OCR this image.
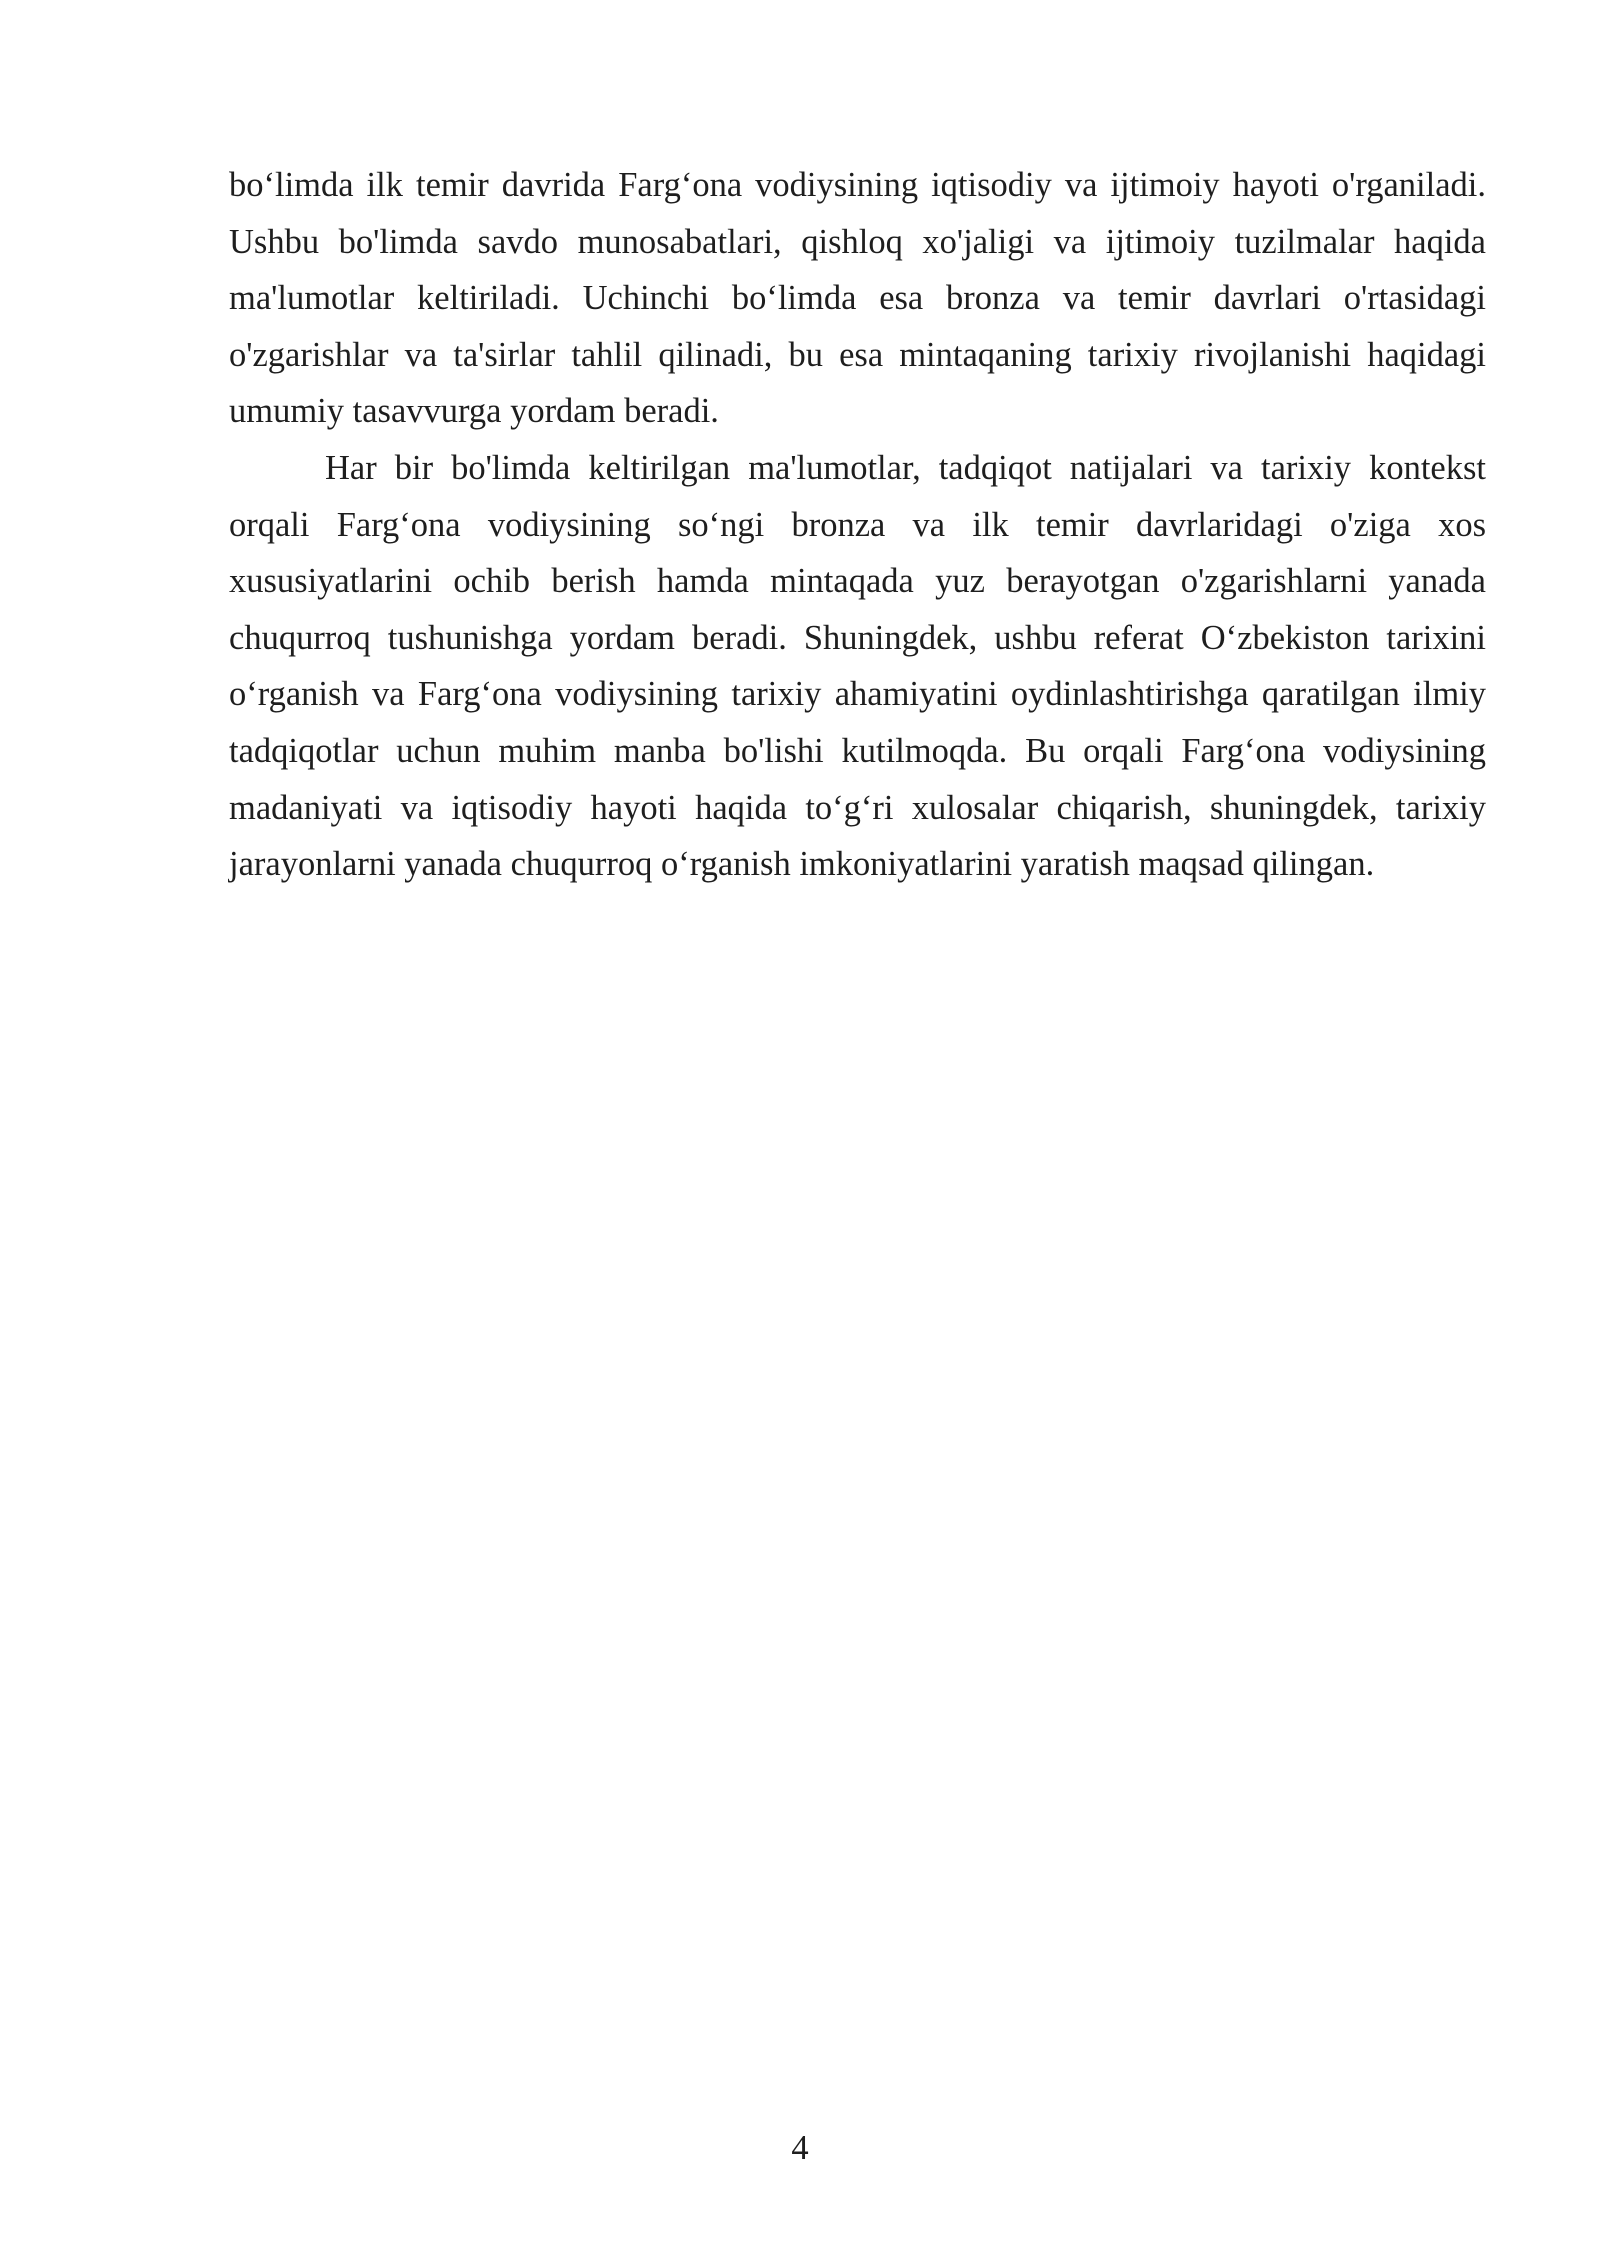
bo‘limda ilk temir davrida Farg‘ona vodiysining iqtisodiy va ijtimoiy hayoti o'rganiladi. Ushbu bo'limda savdo munosabatlari, qishloq xo'jaligi va ijtimoiy tuzilmalar haqida ma'lumotlar keltiriladi. Uchinchi bo‘limda esa bronza va temir davrlari o'rtasidagi o'zgarishlar va ta'sirlar tahlil qilinadi, bu esa mintaqaning tarixiy rivojlanishi haqidagi umumiy tasavvurga yordam beradi.

Har bir bo'limda keltirilgan ma'lumotlar, tadqiqot natijalari va tarixiy kontekst orqali Farg‘ona vodiysining so‘ngi bronza va ilk temir davrlaridagi o'ziga xos xususiyatlarini ochib berish hamda mintaqada yuz berayotgan o'zgarishlarni yanada chuqurroq tushunishga yordam beradi. Shuningdek, ushbu referat O‘zbekiston tarixini o‘rganish va Farg‘ona vodiysining tarixiy ahamiyatini oydinlashtirishga qaratilgan ilmiy tadqiqotlar uchun muhim manba bo'lishi kutilmoqda. Bu orqali Farg‘ona vodiysining madaniyati va iqtisodiy hayoti haqida to‘g‘ri xulosalar chiqarish, shuningdek, tarixiy jarayonlarni yanada chuqurroq o‘rganish imkoniyatlarini yaratish maqsad qilingan.

4
